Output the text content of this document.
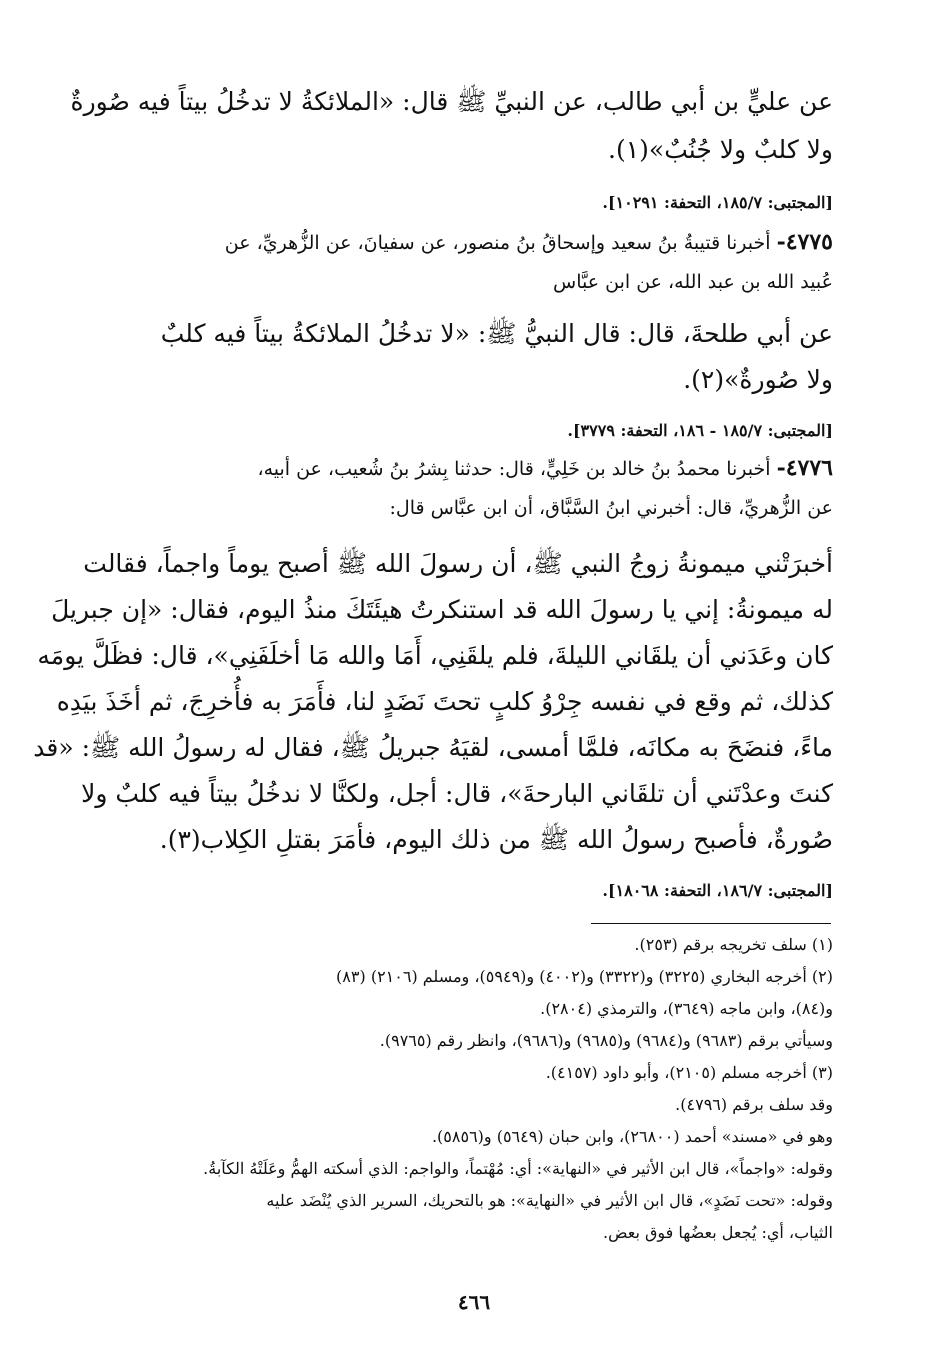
عن عليٍّ بن أبي طالب، عن النبيِّ ﷺ قال: «الملائكةُ لا تدخُلُ بيتاً فيه صُورةٌ
ولا كلبٌ ولا جُنُبٌ»(١).
[المجتبى: ١٨٥/٧، التحفة: ١٠٢٩١].
٤٧٧٥- أخبرنا قتيبةُ بنُ سعيد وإسحاقُ بنُ منصور، عن سفيانَ، عن الزُّهريِّ، عن
عُبيد الله بن عبد الله، عن ابن عبَّاس
عن أبي طلحةَ، قال: قال النبيُّ ﷺ: «لا تدخُلُ الملائكةُ بيتاً فيه كلبٌ
ولا صُورةٌ»(٢).
[المجتبى: ١٨٥/٧ - ١٨٦، التحفة: ٣٧٧٩].
٤٧٧٦- أخبرنا محمدُ بنُ خالد بن خَلِيٍّ، قال: حدثنا بِشرُ بنُ شُعيب، عن أبيه،
عن الزُّهريِّ، قال: أخبرني ابنُ السَّبَّاق، أن ابن عبَّاس قال:
أخبرَتْني ميمونةُ زوجُ النبي ﷺ، أن رسولَ الله ﷺ أصبح يوماً واجماً، فقالت
له ميمونةُ: إني يا رسولَ الله قد استنكرتُ هيئَتَكَ منذُ اليوم، فقال: «إن جبريلَ
كان وعَدَني أن يلقَاني الليلةَ، فلم يلقَنِي، أَمَا والله مَا أخلَفَنِي»، قال: فظَلَّ يومَه
كذلك، ثم وقع في نفسه جِرْوُ كلبٍ تحتَ نَضَدٍ لنا، فأَمَرَ به فأُخرِجَ، ثم أخَذَ بيَدِه
ماءً، فنضَحَ به مكانَه، فلمَّا أمسى، لقيَهُ جبريلُ ﷺ، فقال له رسولُ الله ﷺ: «قد
كنتَ وعدْتَني أن تلقَاني البارحةَ»، قال: أجل، ولكنَّا لا ندخُلُ بيتاً فيه كلبٌ ولا
صُورةٌ، فأصبح رسولُ الله ﷺ من ذلك اليوم، فأمَرَ بقتلِ الكِلاب(٣).
[المجتبى: ١٨٦/٧، التحفة: ١٨٠٦٨].
(١) سلف تخريجه برقم (٢٥٣).
(٢) أخرجه البخاري (٣٢٢٥) و(٣٣٢٢) و(٤٠٠٢) و(٥٩٤٩)، ومسلم (٢١٠٦) (٨٣)
و(٨٤)، وابن ماجه (٣٦٤٩)، والترمذي (٢٨٠٤).
وسيأتي برقم (٩٦٨٣) و(٩٦٨٤) و(٩٦٨٥) و(٩٦٨٦)، وانظر رقم (٩٧٦٥).
(٣) أخرجه مسلم (٢١٠٥)، وأبو داود (٤١٥٧).
وقد سلف برقم (٤٧٩٦).
وهو في «مسند» أحمد (٢٦٨٠٠)، وابن حبان (٥٦٤٩) و(٥٨٥٦).
وقوله: «واجماً»، قال ابن الأثير في «النهاية»: أي: مُهْتماً، والواجم: الذي أسكته الهمُّ وعَلَتْهُ الكآبةُ.
وقوله: «تحت نَضَدٍ»، قال ابن الأثير في «النهاية»: هو بالتحريك، السرير الذي يُنْضَد عليه
الثياب، أي: يُجعل بعضُها فوق بعض.
٤٦٦
